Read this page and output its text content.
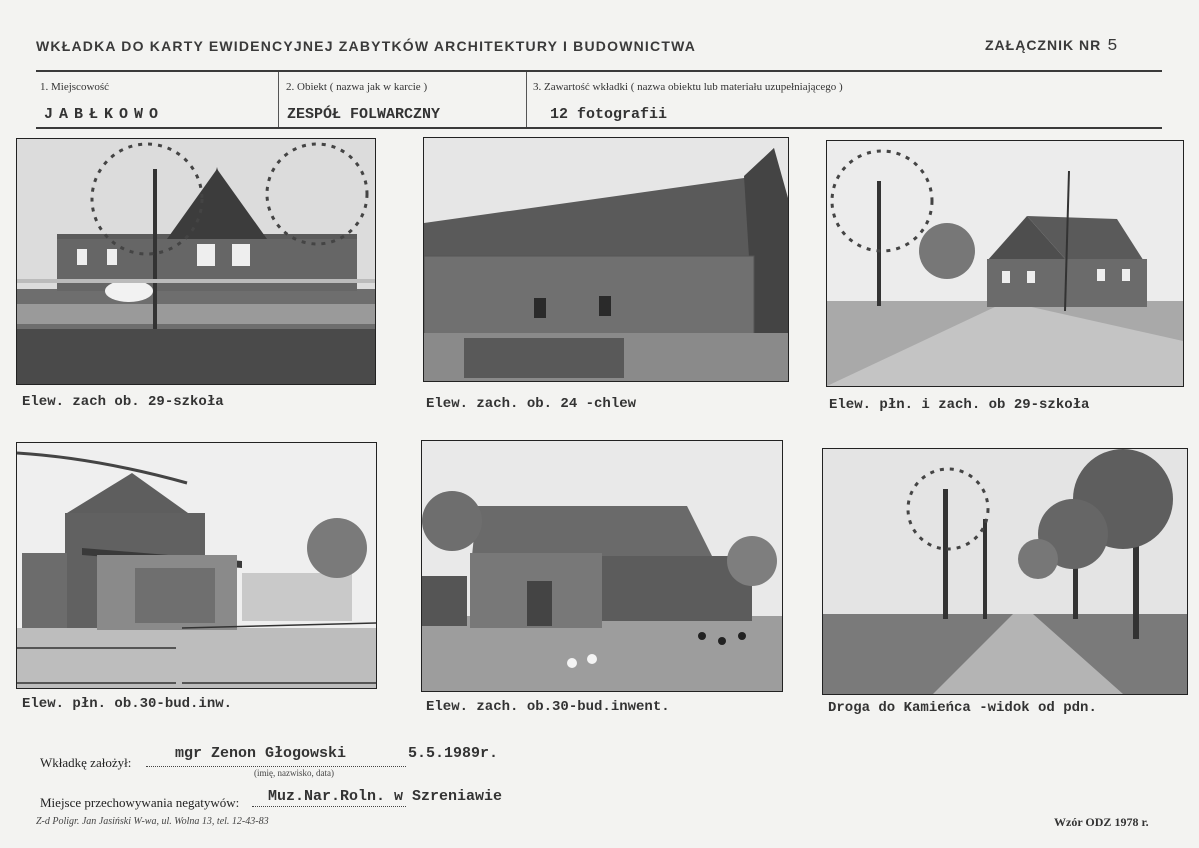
WKŁADKA DO KARTY EWIDENCYJNEJ ZABYTKÓW ARCHITEKTURY I BUDOWNICTWA	ZAŁĄCZNIK NR 5
1. Miejscowość
JABŁKOWO
2. Obiekt ( nazwa jak w karcie )
ZESPÓŁ FOLWARCZNY
3. Zawartość wkładki ( nazwa obiektu lub materiału uzupełniającego )
12 fotografii
Elew. zach ob. 29-szkoła	Elew. zach. ob. 24 -chlew	Elew. płn. i zach. ob 29-szkoła
Elew. płn. ob.30-bud.inw.	Elew. zach. ob.30-bud.inwent.	Droga do Kamieńca -widok od pdn.
Wkładkę założył:
mgr Zenon Głogowski	5.5.1989r.
(imię, nazwisko, data)
Miejsce przechowywania negatywów: Muz.Nar.Roln. w Szreniawie
Z-d Poligr. Jan Jasiński W-wa, ul. Wolna 13, tel. 12-43-83	Wzór ODZ 1978 r.
